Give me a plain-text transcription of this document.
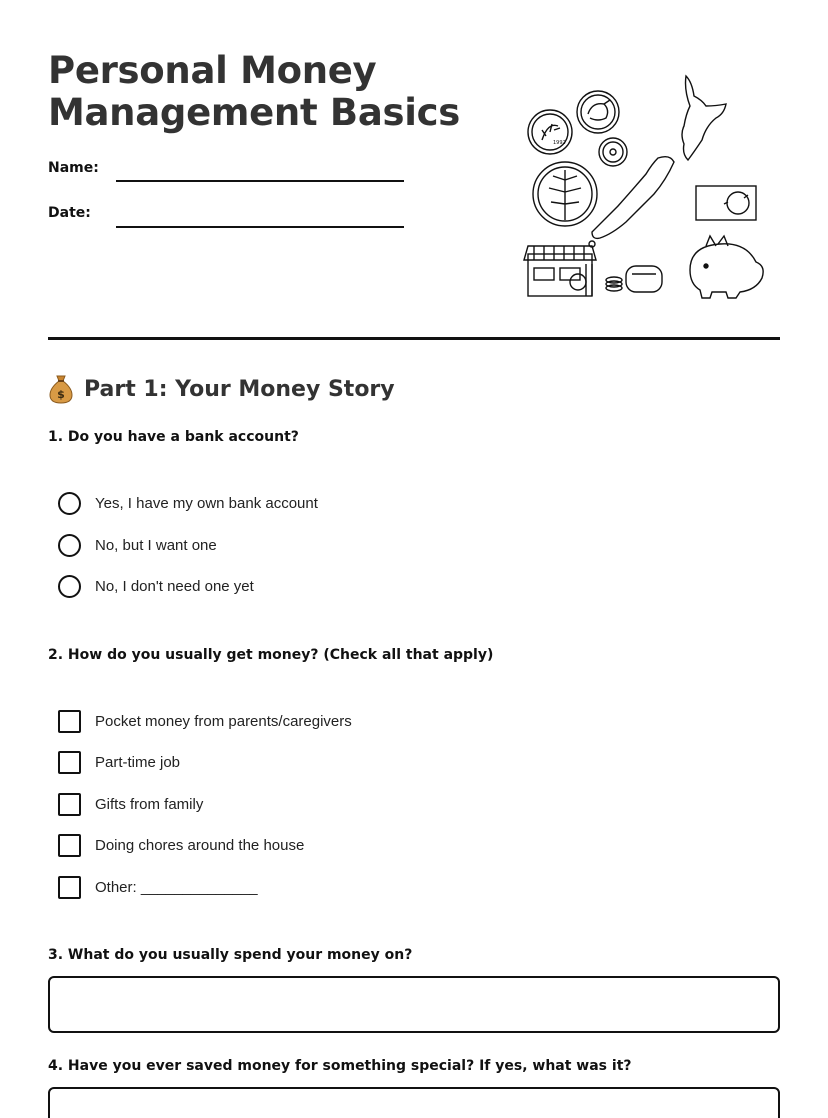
Personal Money Management Basics
Name:
Date:
1992
$ Part 1: Your Money Story
1. Do you have a bank account?
Yes, I have my own bank account
No, but I want one
No, I don't need one yet
2. How do you usually get money? (Check all that apply)
Pocket money from parents/caregivers
Part-time job
Gifts from family
Doing chores around the house
Other: ______________
3. What do you usually spend your money on?
4. Have you ever saved money for something special? If yes, what was it?
